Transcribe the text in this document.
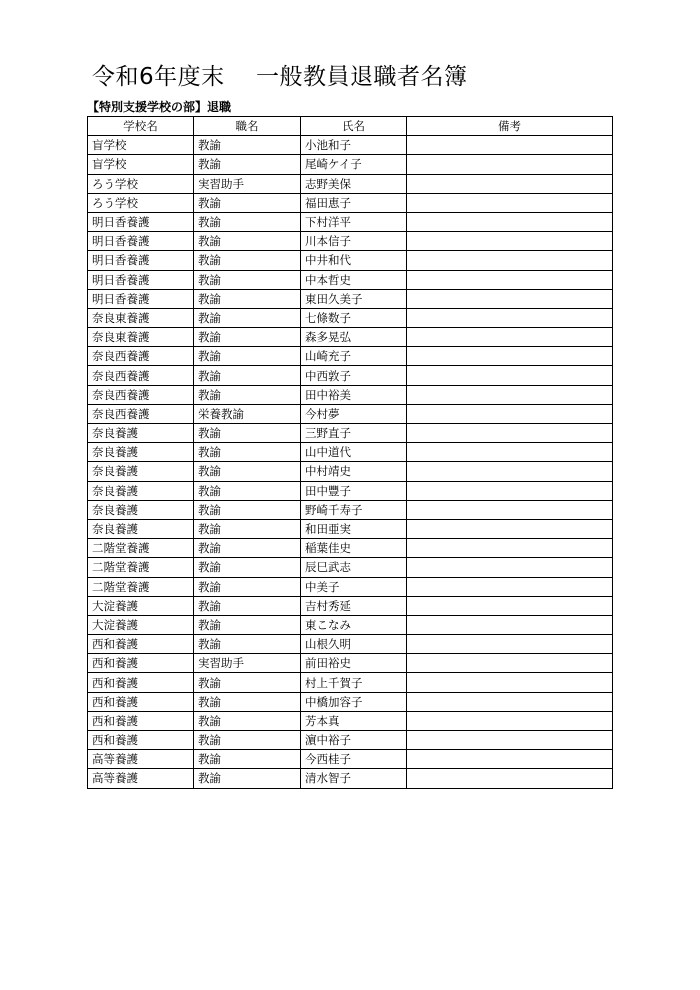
令和6年度末　 一般教員退職者名簿
【特別支援学校の部】退職
学校名	職名	氏名	備考
盲学校	教諭	小池和子	
盲学校	教諭	尾崎ケイ子	
ろう学校	実習助手	志野美保	
ろう学校	教諭	福田恵子	
明日香養護	教諭	下村洋平	
明日香養護	教諭	川本信子	
明日香養護	教諭	中井和代	
明日香養護	教諭	中本哲史	
明日香養護	教諭	東田久美子	
奈良東養護	教諭	七條数子	
奈良東養護	教諭	森多晃弘	
奈良西養護	教諭	山崎充子	
奈良西養護	教諭	中西敦子	
奈良西養護	教諭	田中裕美	
奈良西養護	栄養教諭	今村夢	
奈良養護	教諭	三野直子	
奈良養護	教諭	山中道代	
奈良養護	教諭	中村靖史	
奈良養護	教諭	田中豐子	
奈良養護	教諭	野崎千寿子	
奈良養護	教諭	和田亜実	
二階堂養護	教諭	稲葉佳史	
二階堂養護	教諭	辰巳武志	
二階堂養護	教諭	中美子	
大淀養護	教諭	吉村秀延	
大淀養護	教諭	東こなみ	
西和養護	教諭	山根久明	
西和養護	実習助手	前田裕史	
西和養護	教諭	村上千賀子	
西和養護	教諭	中橋加容子	
西和養護	教諭	芳本真	
西和養護	教諭	濵中裕子	
高等養護	教諭	今西桂子	
高等養護	教諭	清水智子	
